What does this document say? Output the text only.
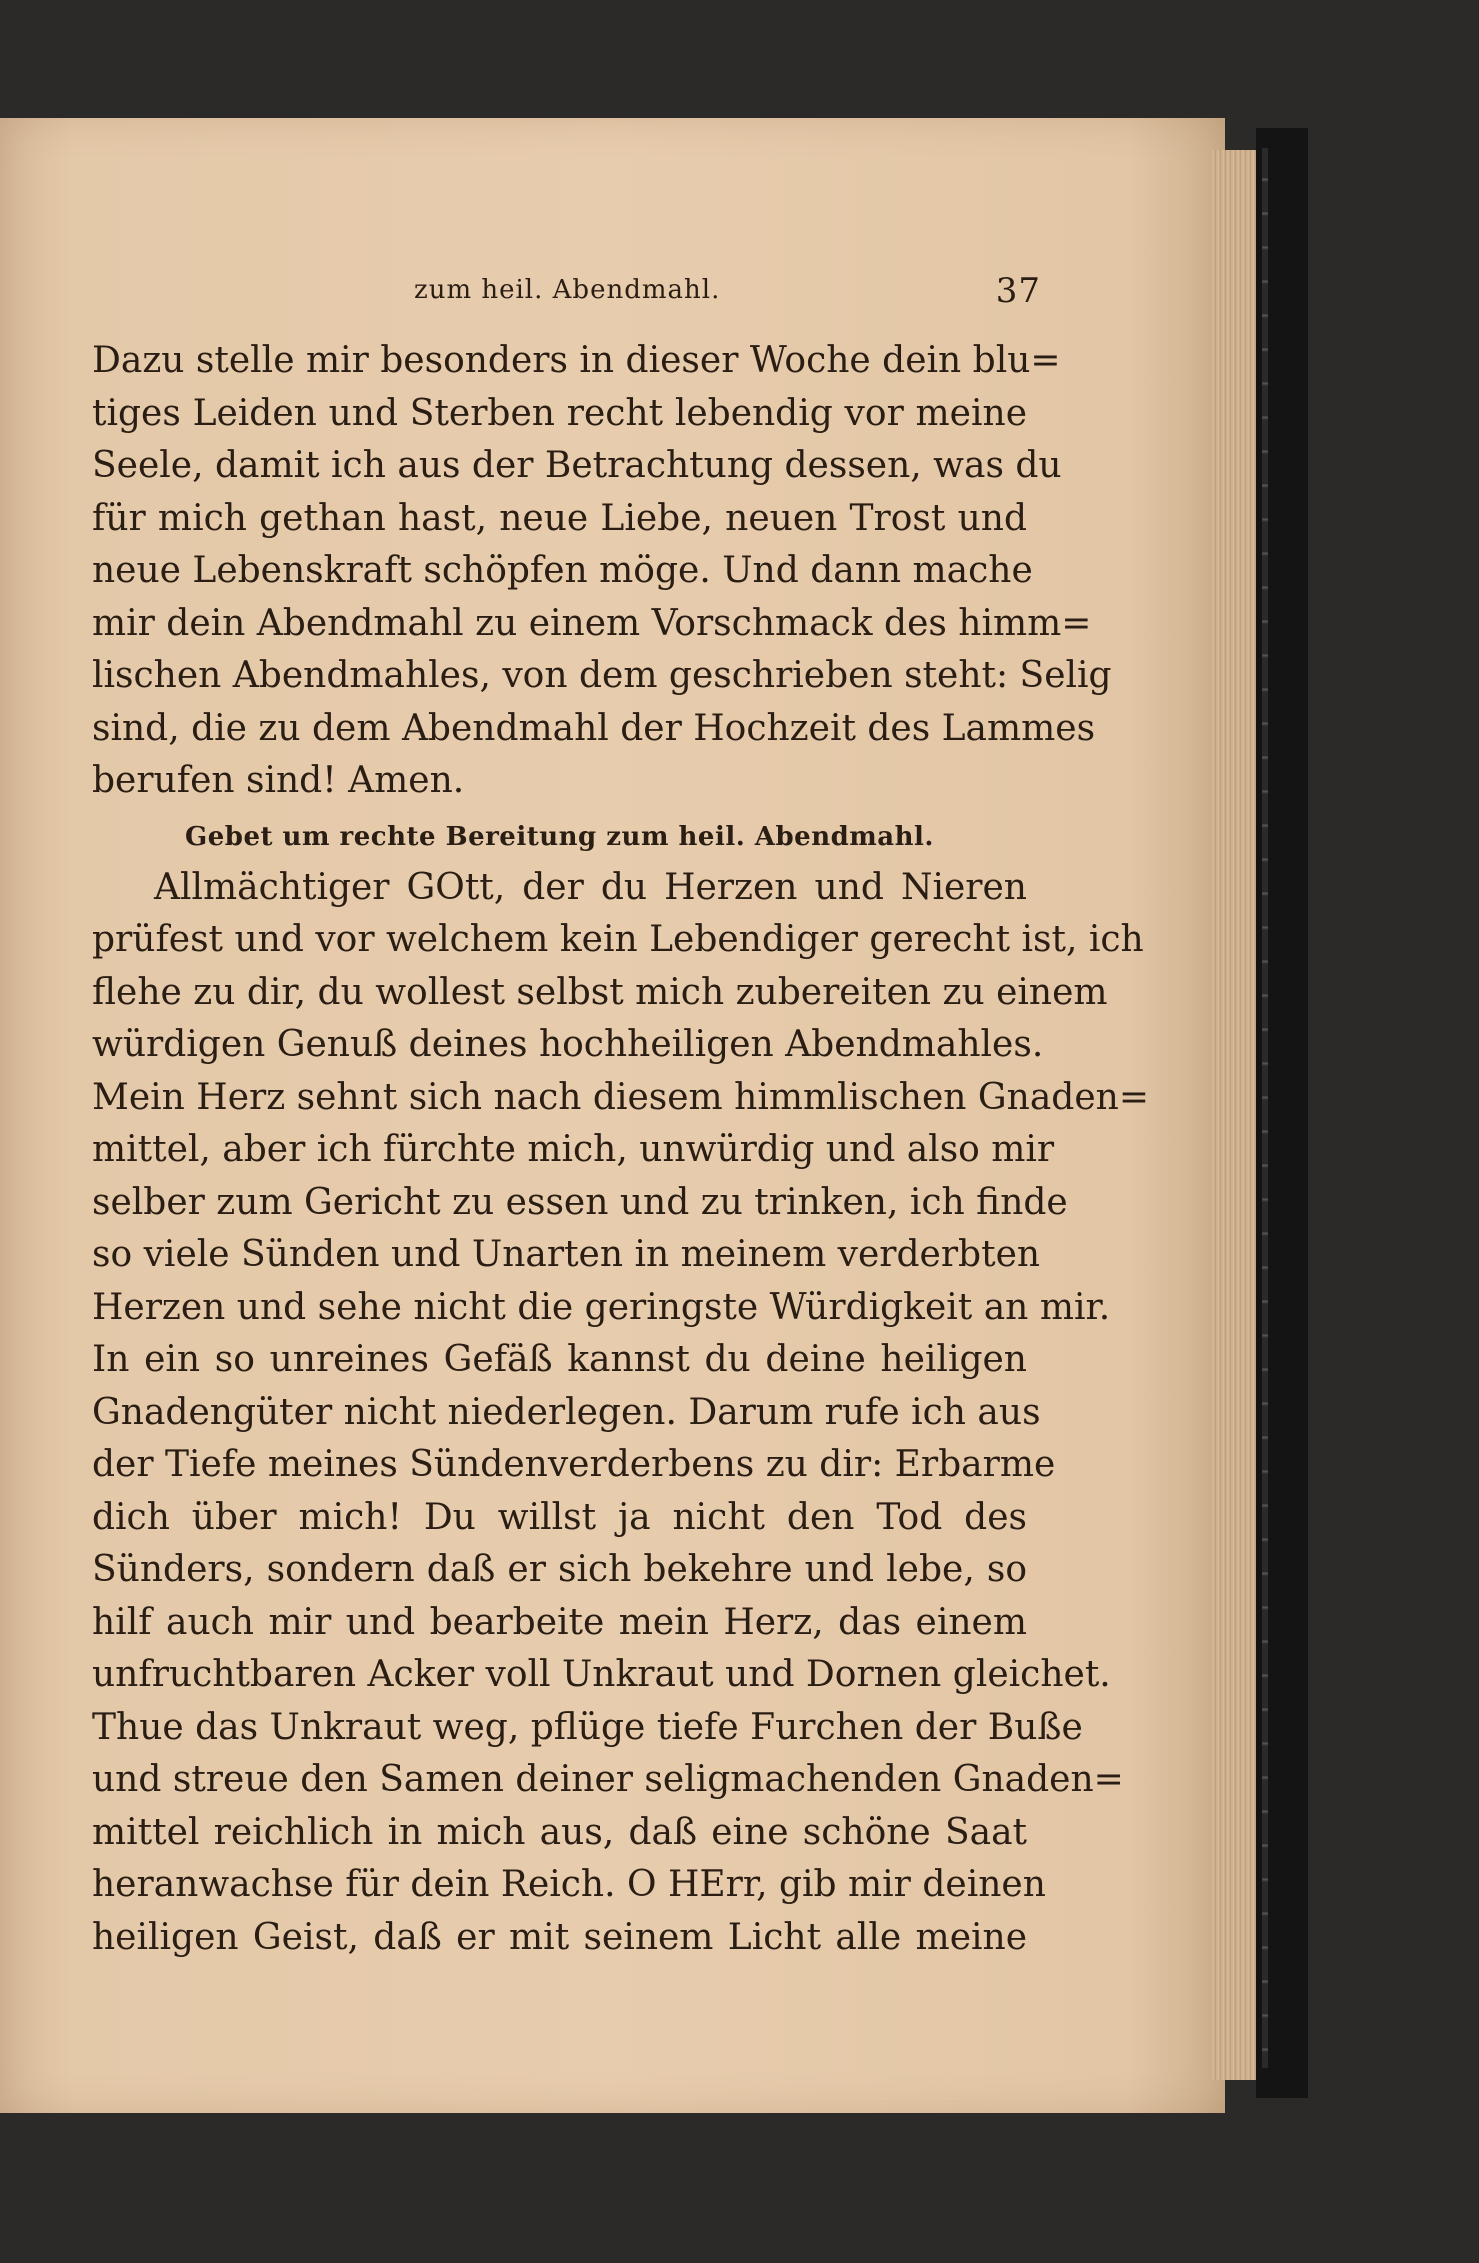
zum heil. Abendmahl.	37
Dazu stelle mir besonders in dieser Woche dein blu=
tiges Leiden und Sterben recht lebendig vor meine
Seele, damit ich aus der Betrachtung dessen, was du
für mich gethan hast, neue Liebe, neuen Trost und
neue Lebenskraft schöpfen möge. Und dann mache
mir dein Abendmahl zu einem Vorschmack des himm=
lischen Abendmahles, von dem geschrieben steht: Selig
sind, die zu dem Abendmahl der Hochzeit des Lammes
berufen sind! Amen.
Gebet um rechte Bereitung zum heil. Abendmahl.
Allmächtiger GOtt, der du Herzen und Nieren
prüfest und vor welchem kein Lebendiger gerecht ist, ich
flehe zu dir, du wollest selbst mich zubereiten zu einem
würdigen Genuß deines hochheiligen Abendmahles.
Mein Herz sehnt sich nach diesem himmlischen Gnaden=
mittel, aber ich fürchte mich, unwürdig und also mir
selber zum Gericht zu essen und zu trinken, ich finde
so viele Sünden und Unarten in meinem verderbten
Herzen und sehe nicht die geringste Würdigkeit an mir.
In ein so unreines Gefäß kannst du deine heiligen
Gnadengüter nicht niederlegen. Darum rufe ich aus
der Tiefe meines Sündenverderbens zu dir: Erbarme
dich über mich! Du willst ja nicht den Tod des
Sünders, sondern daß er sich bekehre und lebe, so
hilf auch mir und bearbeite mein Herz, das einem
unfruchtbaren Acker voll Unkraut und Dornen gleichet.
Thue das Unkraut weg, pflüge tiefe Furchen der Buße
und streue den Samen deiner seligmachenden Gnaden=
mittel reichlich in mich aus, daß eine schöne Saat
heranwachse für dein Reich. O HErr, gib mir deinen
heiligen Geist, daß er mit seinem Licht alle meine
